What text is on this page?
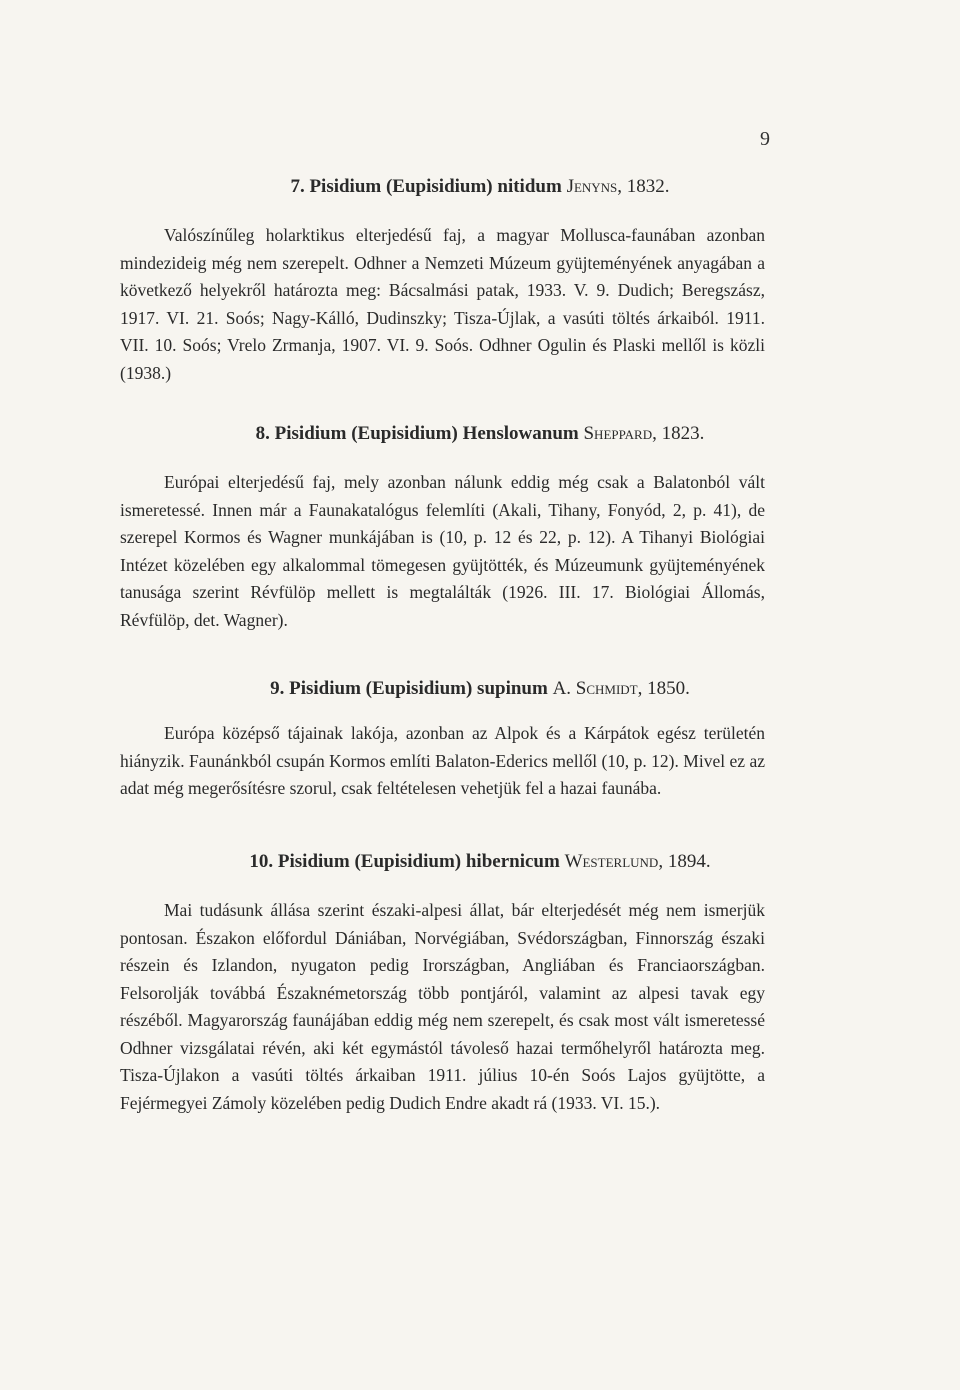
9
7. Pisidium (Eupisidium) nitidum Jenyns, 1832.

Valószínűleg holarktikus elterjedésű faj, a magyar Mollusca-faunában azonban mindezideig még nem szerepelt. Odhner a Nemzeti Múzeum gyüjteményének anyagában a következő helyekről határozta meg: Bácsalmási patak, 1933. V. 9. Dudich; Beregszász, 1917. VI. 21. Soós; Nagy-Kálló, Dudinszky; Tisza-Újlak, a vasúti töltés árkaiból. 1911. VII. 10. Soós; Vrelo Zrmanja, 1907. VI. 9. Soós. Odhner Ogulin és Plaski mellől is közli (1938.)

8. Pisidium (Eupisidium) Henslowanum Sheppard, 1823.

Európai elterjedésű faj, mely azonban nálunk eddig még csak a Balatonból vált ismeretessé. Innen már a Faunakatalógus felemlíti (Akali, Tihany, Fonyód, 2, p. 41), de szerepel Kormos és Wagner munkájában is (10, p. 12 és 22, p. 12). A Tihanyi Biológiai Intézet közelében egy alkalommal tömegesen gyüjtötték, és Múzeumunk gyüjteményének tanusága szerint Révfülöp mellett is megtalálták (1926. III. 17. Biológiai Állomás, Révfülöp, det. Wagner).

9. Pisidium (Eupisidium) supinum A. Schmidt, 1850.

Európa középső tájainak lakója, azonban az Alpok és a Kárpátok egész területén hiányzik. Faunánkból csupán Kormos említi Balaton-Ederics mellől (10, p. 12). Mivel ez az adat még megerősítésre szorul, csak feltételesen vehetjük fel a hazai faunába.

10. Pisidium (Eupisidium) hibernicum Westerlund, 1894.

Mai tudásunk állása szerint északi-alpesi állat, bár elterjedését még nem ismerjük pontosan. Északon előfordul Dániában, Norvégiában, Svédországban, Finnország északi részein és Izlandon, nyugaton pedig Irországban, Angliában és Franciaországban. Felsorolják továbbá Északnémetország több pontjáról, valamint az alpesi tavak egy részéből. Magyarország faunájában eddig még nem szerepelt, és csak most vált ismeretessé Odhner vizsgálatai révén, aki két egymástól távoleső hazai termőhelyről határozta meg. Tisza-Újlakon a vasúti töltés árkaiban 1911. július 10-én Soós Lajos gyüjtötte, a Fejérmegyei Zámoly közelében pedig Dudich Endre akadt rá (1933. VI. 15.).
